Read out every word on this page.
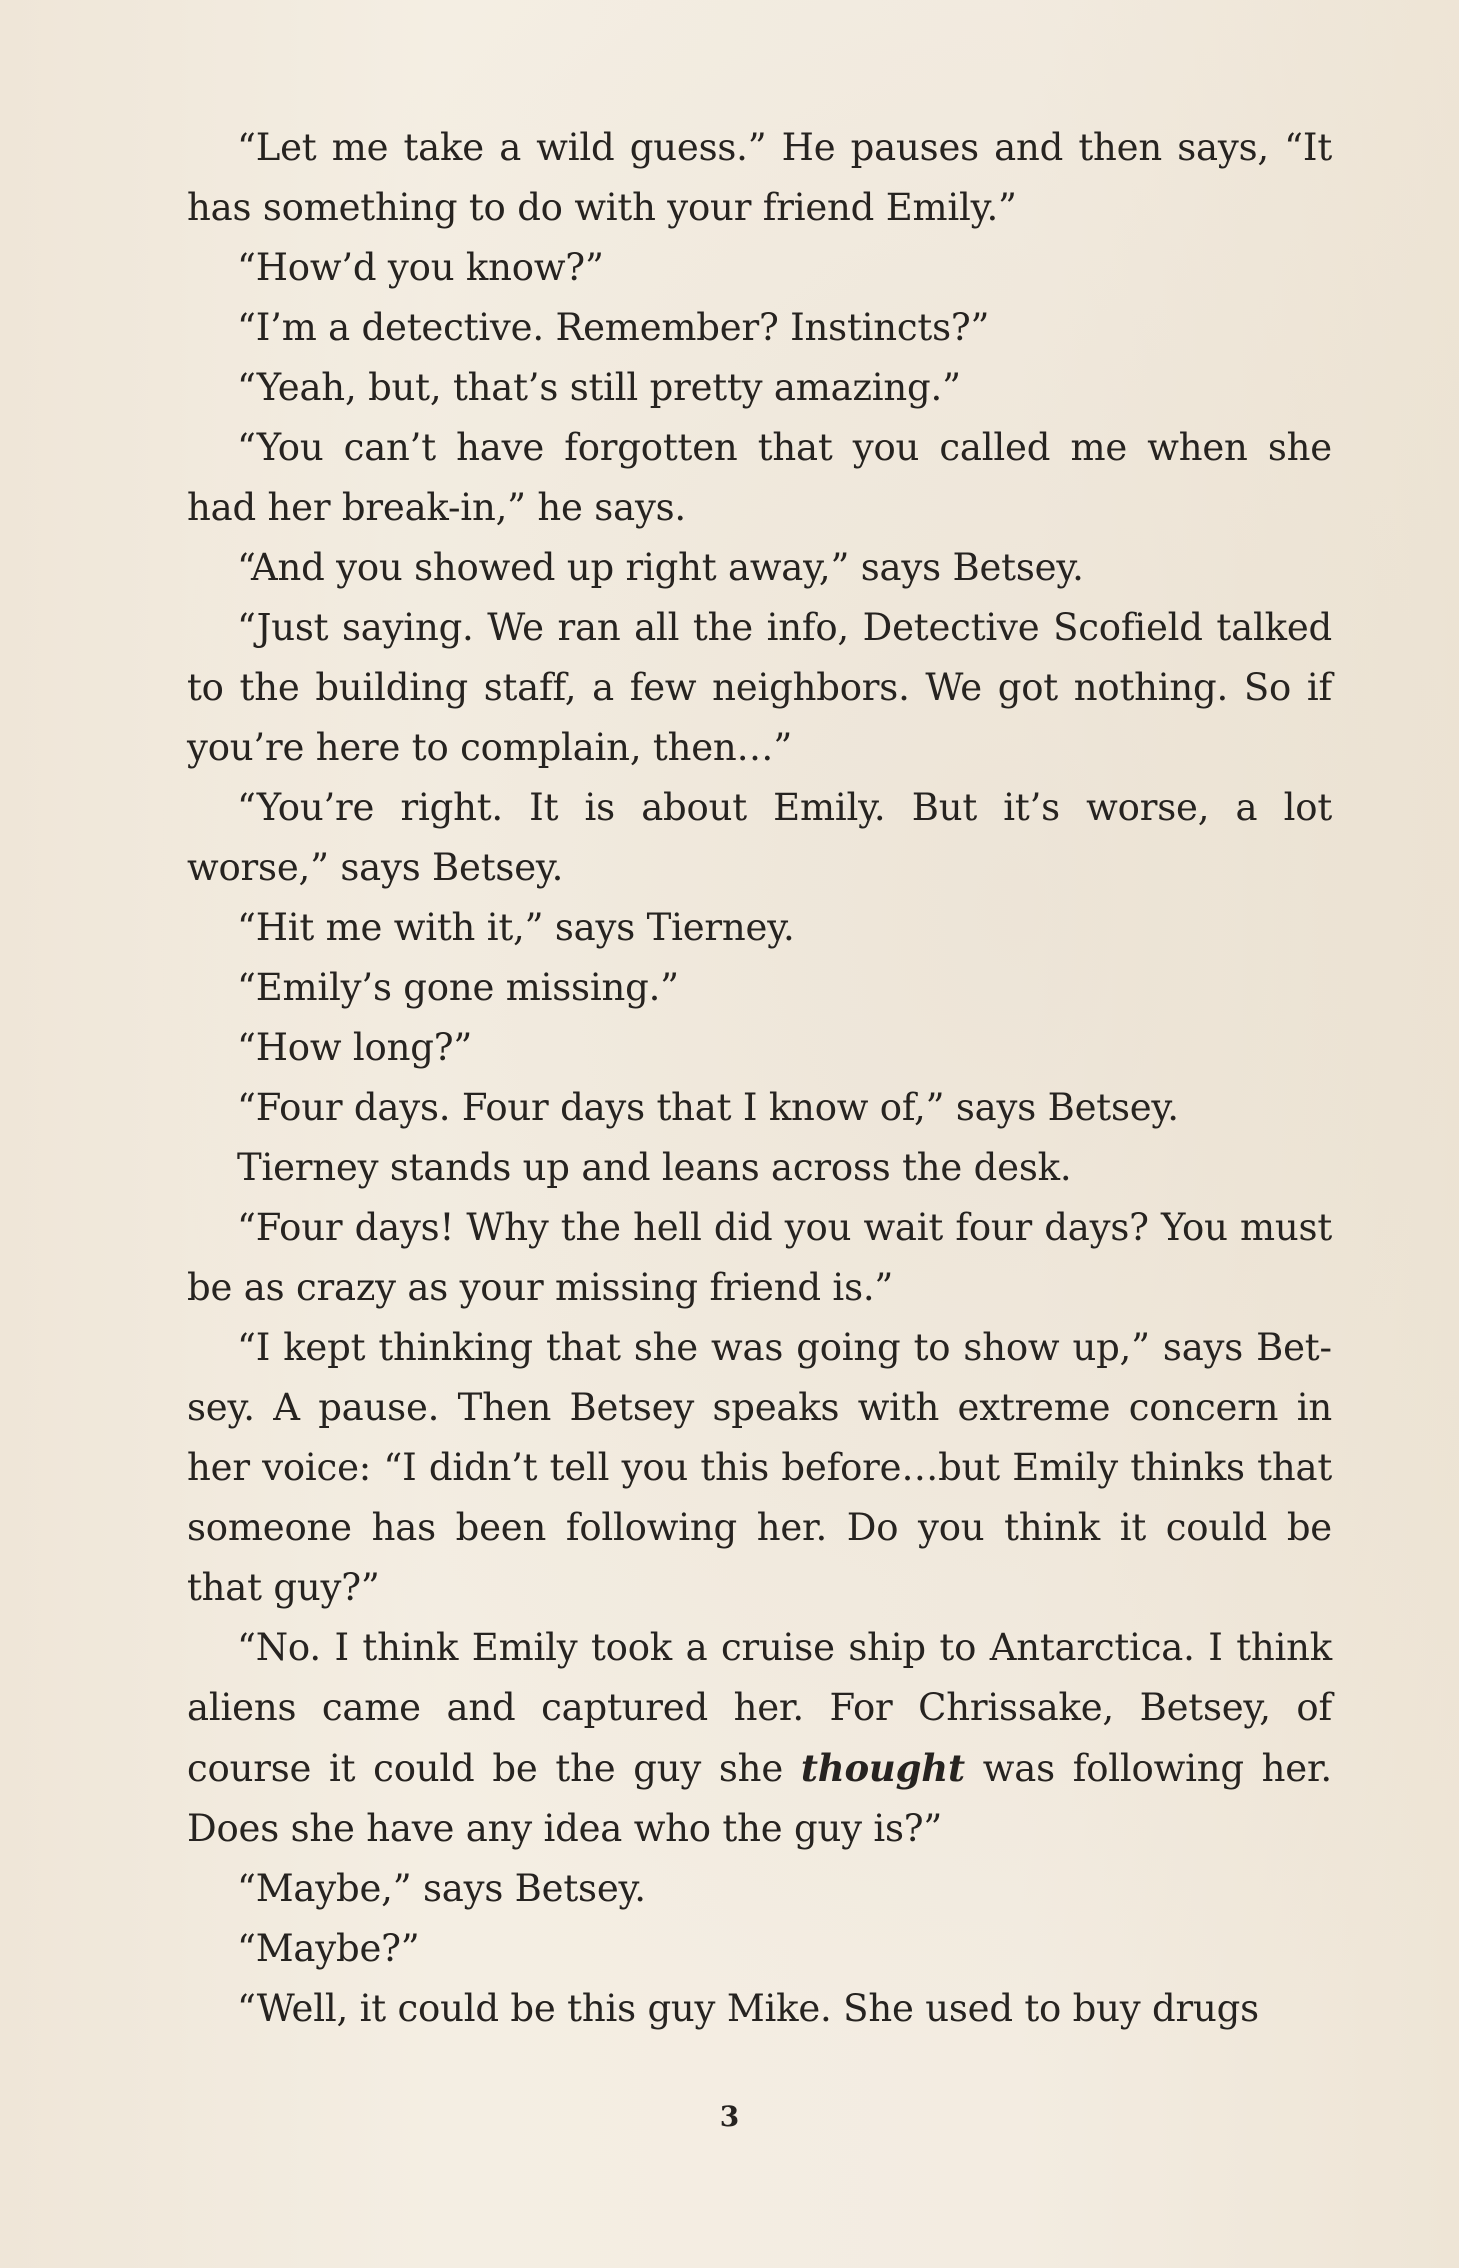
“Let me take a wild guess.” He pauses and then says, “It has something to do with your friend Emily.”

“How’d you know?”

“I’m a detective. Remember? Instincts?”

“Yeah, but, that’s still pretty amazing.”

“You can’t have forgotten that you called me when she had her break-in,” he says.

“And you showed up right away,” says Betsey.

“Just saying. We ran all the info, Detective Scofield talked to the building staff, a few neighbors. We got nothing. So if you’re here to complain, then…”

“You’re right. It is about Emily. But it’s worse, a lot worse,” says Betsey.

“Hit me with it,” says Tierney.

“Emily’s gone missing.”

“How long?”

“Four days. Four days that I know of,” says Betsey.

Tierney stands up and leans across the desk.

“Four days! Why the hell did you wait four days? You must be as crazy as your missing friend is.”

“I kept thinking that she was going to show up,” says Betsey. A pause. Then Betsey speaks with extreme concern in her voice: “I didn’t tell you this before…but Emily thinks that someone has been following her. Do you think it could be that guy?”

“No. I think Emily took a cruise ship to Antarctica. I think aliens came and captured her. For Chrissake, Betsey, of course it could be the guy she thought was following her. Does she have any idea who the guy is?”

“Maybe,” says Betsey.

“Maybe?”

“Well, it could be this guy Mike. She used to buy drugs

3
